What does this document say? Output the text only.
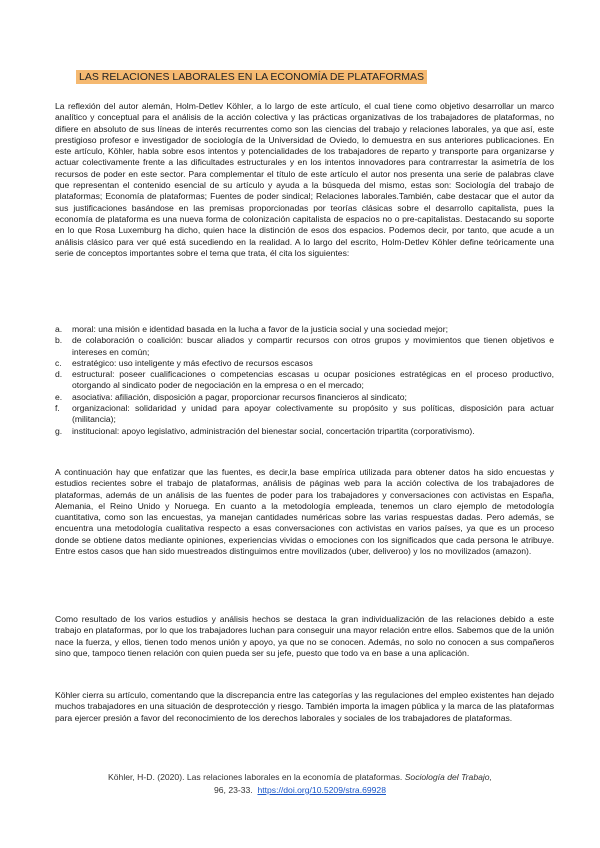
LAS RELACIONES LABORALES EN LA ECONOMÍA DE PLATAFORMAS
La reflexión del autor alemán, Holm-Detlev Köhler, a lo largo de este artículo, el cual tiene como objetivo desarrollar un marco analítico y conceptual para el análisis de la acción colectiva y las prácticas organizativas de los trabajadores de plataformas, no difiere en absoluto de sus líneas de interés recurrentes como son las ciencias del trabajo y relaciones laborales, ya que así, este prestigioso profesor e investigador de sociología de la Universidad de Oviedo, lo demuestra en sus anteriores publicaciones. En este artículo, Köhler, habla sobre esos intentos y potencialidades de los trabajadores de reparto y transporte para organizarse y actuar colectivamente frente a las dificultades estructurales y en los intentos innovadores para contrarrestar la asimetría de los recursos de poder en este sector. Para complementar el título de este artículo el autor nos presenta una serie de palabras clave que representan el contenido esencial de su artículo y ayuda a la búsqueda del mismo, estas son: Sociología del trabajo de plataformas; Economía de plataformas; Fuentes de poder sindical; Relaciones laborales.También, cabe destacar que el autor da sus justificaciones basándose en las premisas proporcionadas por teorías clásicas sobre el desarrollo capitalista, pues la economía de plataforma es una nueva forma de colonización capitalista de espacios no o pre-capitalistas. Destacando su soporte en lo que Rosa Luxemburg ha dicho, quien hace la distinción de esos dos espacios. Podemos decir, por tanto, que acude a un análisis clásico para ver qué está sucediendo en la realidad. A lo largo del escrito, Holm-Detlev Köhler define teóricamente una serie de conceptos importantes sobre el tema que trata, él cita los siguientes:
a. moral: una misión e identidad basada en la lucha a favor de la justicia social y una sociedad mejor;
b. de colaboración o coalición: buscar aliados y compartir recursos con otros grupos y movimientos que tienen objetivos e intereses en común;
c. estratégico: uso inteligente y más efectivo de recursos escasos
d. estructural: poseer cualificaciones o competencias escasas u ocupar posiciones estratégicas en el proceso productivo, otorgando al sindicato poder de negociación en la empresa o en el mercado;
e. asociativa: afiliación, disposición a pagar, proporcionar recursos financieros al sindicato;
f. organizacional: solidaridad y unidad para apoyar colectivamente su propósito y sus políticas, disposición para actuar (militancia);
g. institucional: apoyo legislativo, administración del bienestar social, concertación tripartita (corporativismo).
A continuación hay que enfatizar que las fuentes, es decir,la base empírica utilizada para obtener datos ha sido encuestas y estudios recientes sobre el trabajo de plataformas, análisis de páginas web para la acción colectiva de los trabajadores de plataformas, además de un análisis de las fuentes de poder para los trabajadores y conversaciones con activistas en España, Alemania, el Reino Unido y Noruega. En cuanto a la metodología empleada, tenemos un claro ejemplo de metodología cuantitativa, como son las encuestas, ya manejan cantidades numéricas sobre las varias respuestas dadas. Pero además, se encuentra una metodología cualitativa respecto a esas conversaciones con activistas en varios países, ya que es un proceso donde se obtiene datos mediante opiniones, experiencias vividas o emociones con los significados que cada persona le atribuye. Entre estos casos que han sido muestreados distinguimos entre movilizados (uber, deliveroo) y los no movilizados (amazon).
Como resultado de los varios estudios y análisis hechos se destaca la gran individualización de las relaciones debido a este trabajo en plataformas, por lo que los trabajadores luchan para conseguir una mayor relación entre ellos. Sabemos que de la unión nace la fuerza, y ellos, tienen todo menos unión y apoyo, ya que no se conocen. Además, no solo no conocen a sus compañeros sino que, tampoco tienen relación con quien pueda ser su jefe, puesto que todo va en base a una aplicación.
Köhler cierra su artículo, comentando que la discrepancia entre las categorías y las regulaciones del empleo existentes han dejado muchos trabajadores en una situación de desprotección y riesgo. También importa la imagen pública y la marca de las plataformas para ejercer presión a favor del reconocimiento de los derechos laborales y sociales de los trabajadores de plataformas.
Köhler, H-D. (2020). Las relaciones laborales en la economía de plataformas. Sociología del Trabajo,
96, 23-33. https://doi.org/10.5209/stra.69928
